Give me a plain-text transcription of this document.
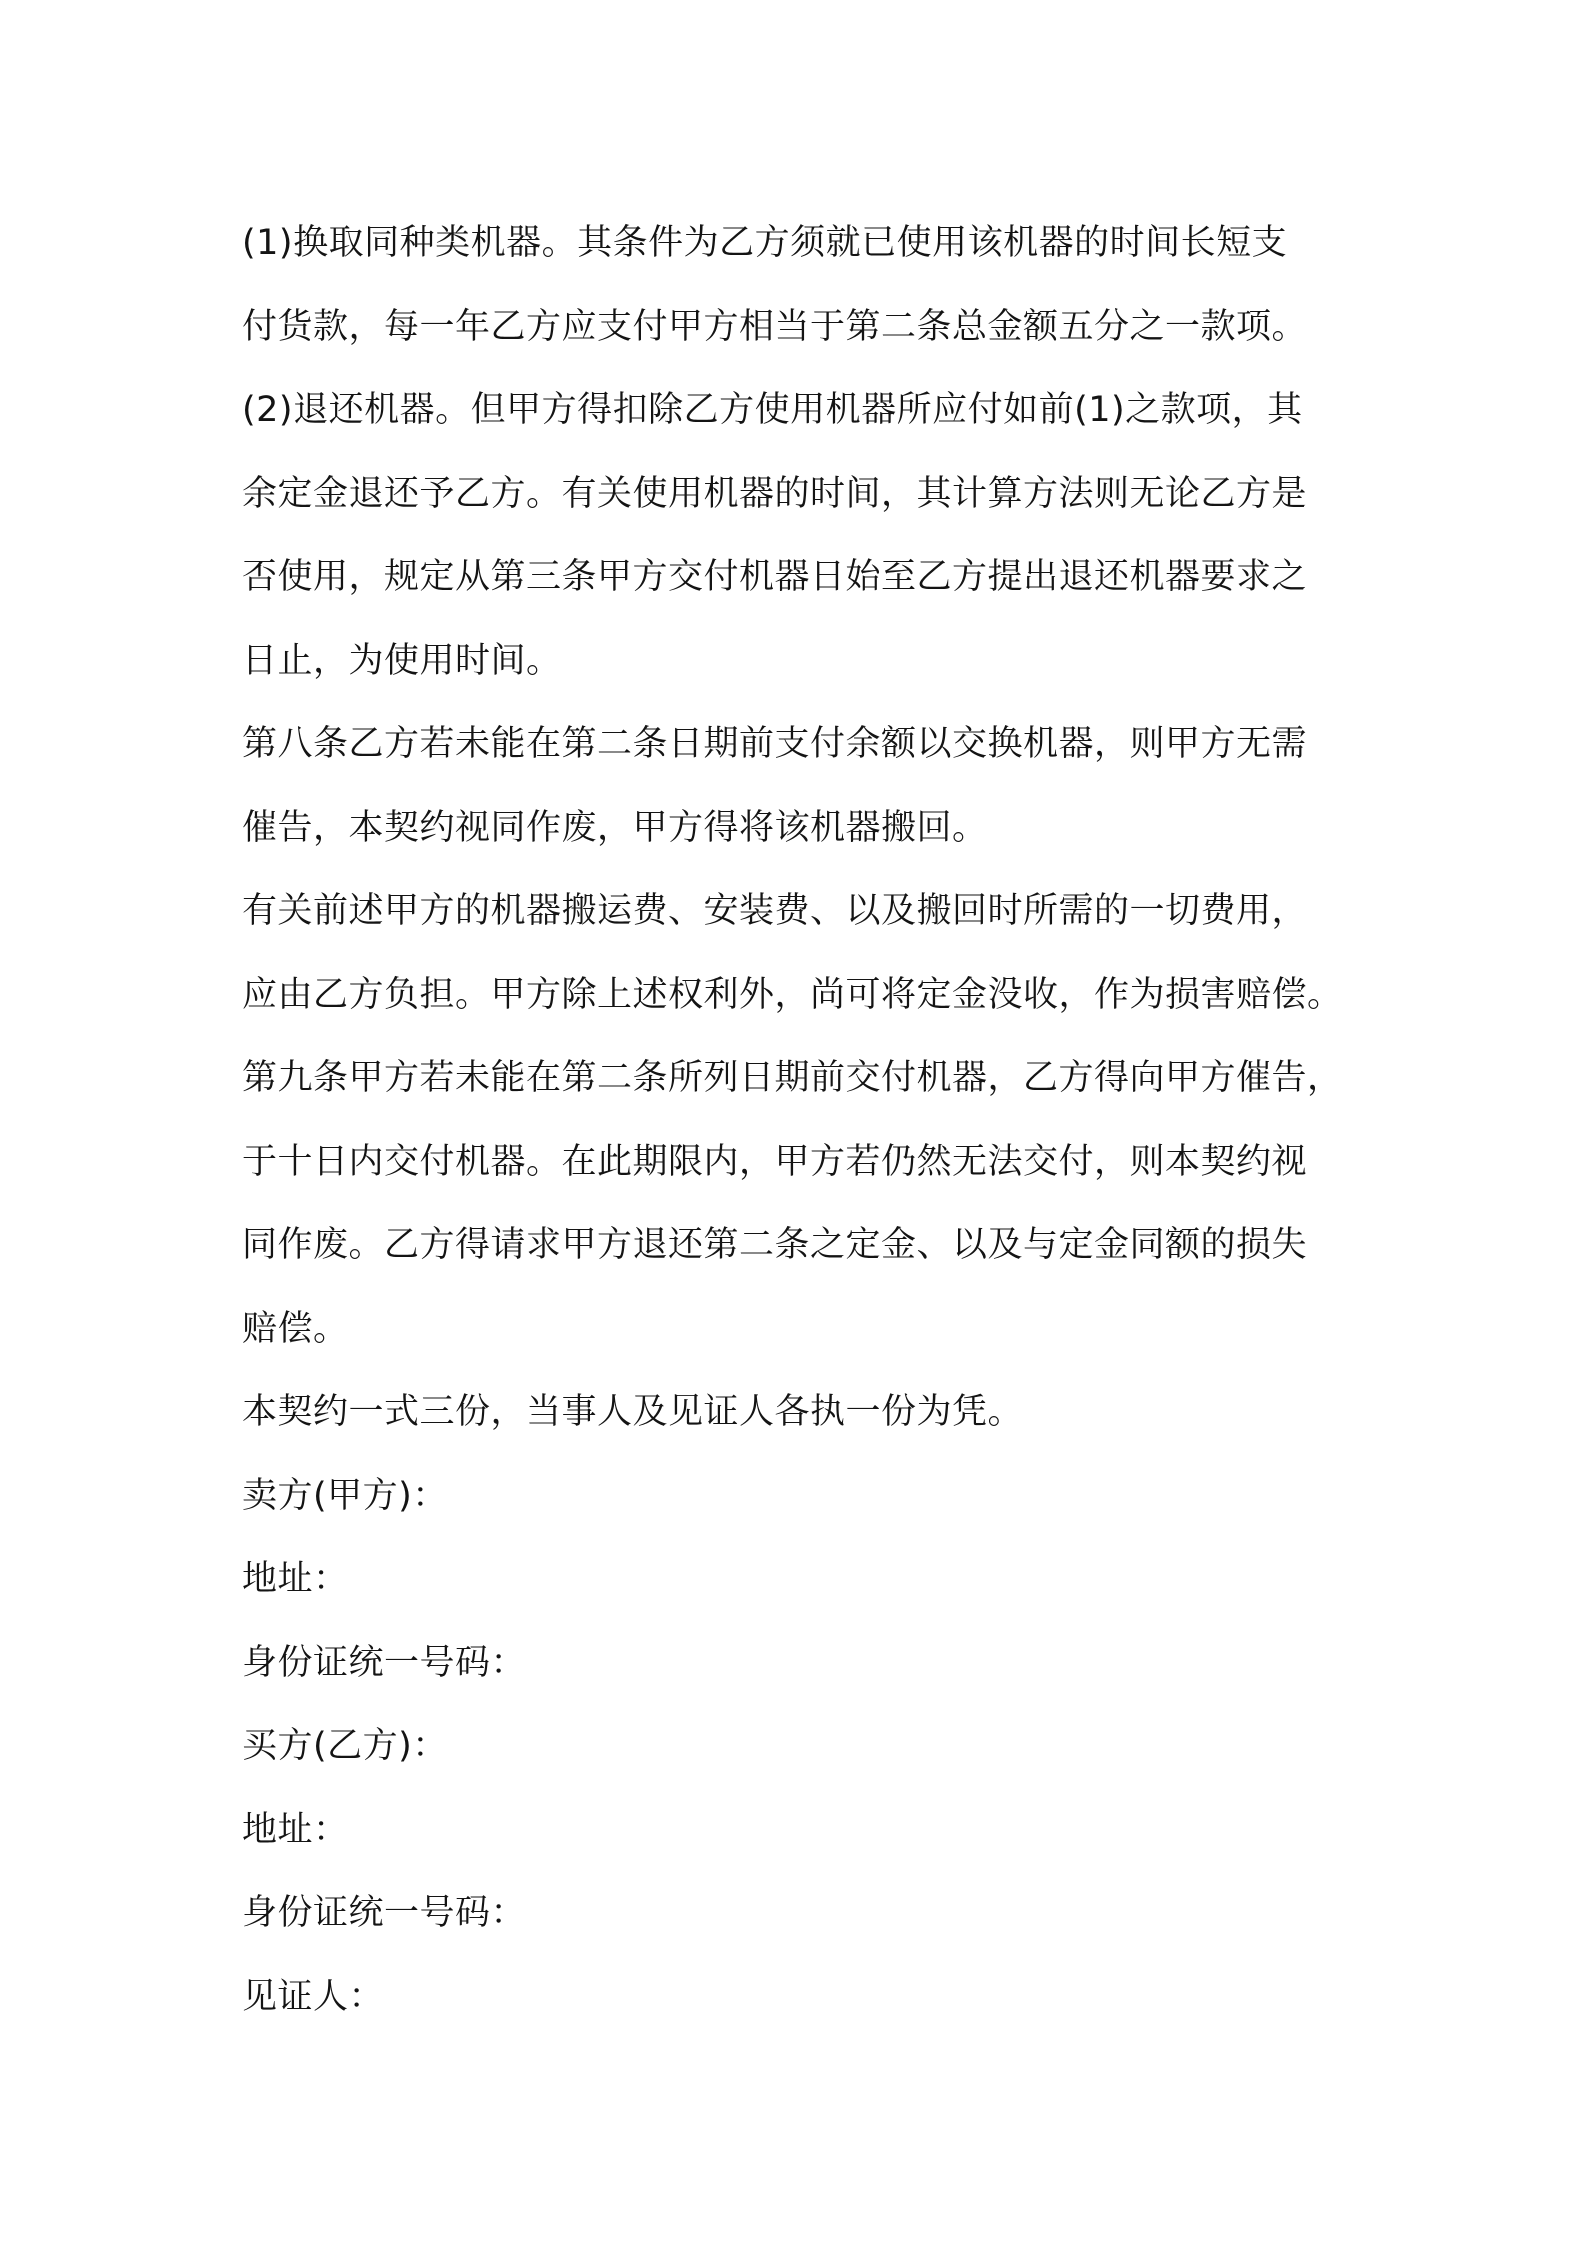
(1)换取同种类机器。其条件为乙方须就已使用该机器的时间长短支

付货款，每一年乙方应支付甲方相当于第二条总金额五分之一款项。

(2)退还机器。但甲方得扣除乙方使用机器所应付如前(1)之款项，其

余定金退还予乙方。有关使用机器的时间，其计算方法则无论乙方是

否使用，规定从第三条甲方交付机器日始至乙方提出退还机器要求之

日止，为使用时间。

第八条乙方若未能在第二条日期前支付余额以交换机器，则甲方无需

催告，本契约视同作废，甲方得将该机器搬回。

有关前述甲方的机器搬运费、安装费、以及搬回时所需的一切费用，

应由乙方负担。甲方除上述权利外，尚可将定金没收，作为损害赔偿。

第九条甲方若未能在第二条所列日期前交付机器，乙方得向甲方催告，

于十日内交付机器。在此期限内，甲方若仍然无法交付，则本契约视

同作废。乙方得请求甲方退还第二条之定金、以及与定金同额的损失

赔偿。

本契约一式三份，当事人及见证人各执一份为凭。

卖方(甲方)：

地址：

身份证统一号码：

买方(乙方)：

地址：

身份证统一号码：

见证人：
